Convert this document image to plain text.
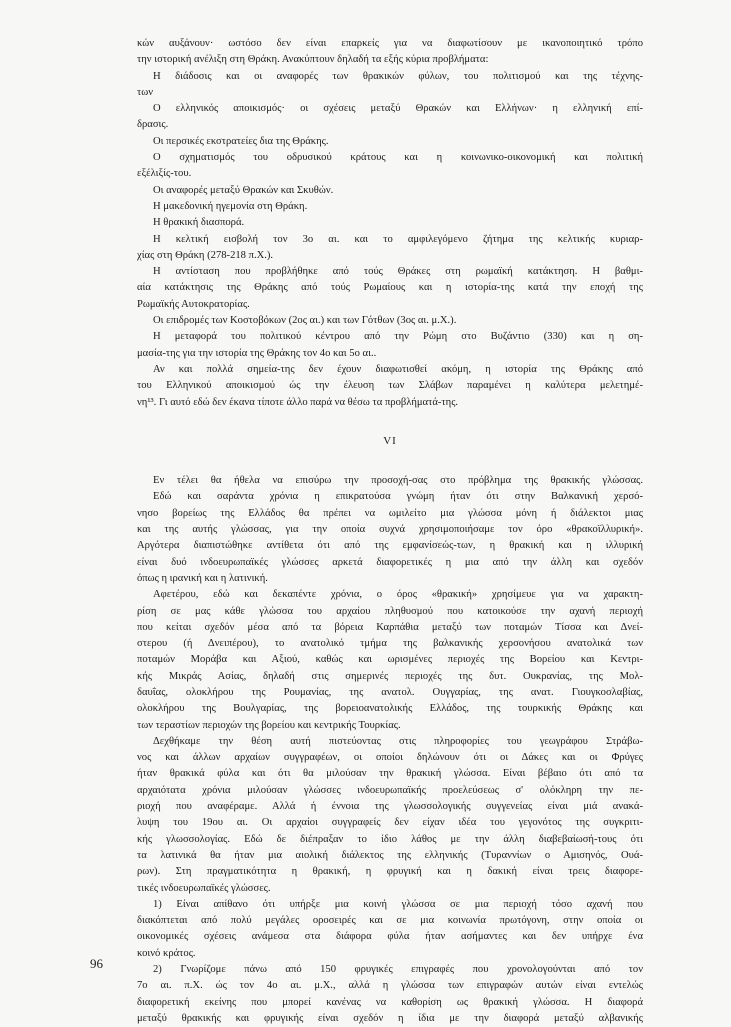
κών αυξάνουν· ωστόσο δεν είναι επαρκείς για να διαφωτίσουν με ικανοποιητικό τρόπο
την ιστορική ανέλιξη στη Θράκη. Ανακύπτουν δηλαδή τα εξής κύρια προβλήματα:
Η διάδοσις και οι αναφορές των θρακικών φύλων, του πολιτισμού και της τέχνης-
των
Ο ελληνικός αποικισμός· οι σχέσεις μεταξύ Θρακών και Ελλήνων· η ελληνική επί-
δρασις.
Οι περσικές εκστρατείες δια της Θράκης.
Ο σχηματισμός του οδρυσικού κράτους και η κοινωνικο-οικονομική και πολιτική
εξέλιξίς-του.
Οι αναφορές μεταξύ Θρακών και Σκυθών.
Η μακεδονική ηγεμονία στη Θράκη.
Η θρακική διασπορά.
Η κελτική εισβολή τον 3ο αι. και το αμφιλεγόμενο ζήτημα της κελτικής κυριαρ-
χίας στη Θράκη (278-218 π.Χ.).
Η αντίσταση που προβλήθηκε από τούς Θράκες στη ρωμαϊκή κατάκτηση. Η βαθμι-
αία κατάκτησις της Θράκης από τούς Ρωμαίους και η ιστορία-της κατά την εποχή της
Ρωμαϊκής Αυτοκρατορίας.
Οι επιδρομές των Κοστοβόκων (2ος αι.) και των Γότθων (3ος αι. μ.Χ.).
Η μεταφορά του πολιτικού κέντρου από την Ρώμη στο Βυζάντιο (330) και η ση-
μασία-της για την ιστορία της Θράκης τον 4ο και 5ο αι..
Αν και πολλά σημεία-της δεν έχουν διαφωτισθεί ακόμη, η ιστορία της Θράκης από
του Ελληνικού αποικισμού ώς την έλευση των Σλάβων παραμένει η καλύτερα μελετημέ-
νη¹³. Γι αυτό εδώ δεν έκανα τίποτε άλλο παρά να θέσω τα προβλήματά-της.
VI
Εν τέλει θα ήθελα να επισύρω την προσοχή-σας στο πρόβλημα της θρακικής γλώσσας.
Εδώ και σαράντα χρόνια η επικρατούσα γνώμη ήταν ότι στην Βαλκανική χερσό-
νησο βορείως της Ελλάδος θα πρέπει να ωμιλείτο μια γλώσσα μόνη ή διάλεκτοι μιας
και της αυτής γλώσσας, για την οποία συχνά χρησιμοποιήσαμε τον όρο «θρακοϊλλυρική».
Αργότερα διαπιστώθηκε αντίθετα ότι από της εμφανίσεώς-των, η θρακική και η ιλλυρική
είναι δυό ινδοευρωπαϊκές γλώσσες αρκετά διαφορετικές η μια από την άλλη και σχεδόν
όπως η ιρανική και η λατινική.
Αφετέρου, εδώ και δεκαπέντε χρόνια, ο όρος «θρακική» χρησίμευε για να χαρακτη-
ρίση σε μας κάθε γλώσσα του αρχαίου πληθυσμού που κατοικούσε την αχανή περιοχή
που κείται σχεδόν μέσα από τα βόρεια Καρπάθια μεταξύ των ποταμών Τίσσα και Δνεί-
στερου (ή Δνειπέρου), το ανατολικό τμήμα της βαλκανικής χερσονήσου ανατολικά των
ποταμών Μοράβα και Αξιού, καθώς και ωρισμένες περιοχές της Βορείου και Κεντρι-
κής Μικράς Ασίας, δηλαδή στις σημερινές περιοχές της δυτ. Ουκρανίας, της Μολ-
δαυΐας, ολοκλήρου της Ρουμανίας, της ανατολ. Ουγγαρίας, της ανατ. Γιουγκοσλαβίας,
ολοκλήρου της Βουλγαρίας, της βορειοανατολικής Ελλάδος, της τουρκικής Θράκης και
των τεραστίων περιοχών της βορείου και κεντρικής Τουρκίας.
Δεχθήκαμε την θέση αυτή πιστεύοντας στις πληροφορίες του γεωγράφου Στράβω-
νος και άλλων αρχαίων συγγραφέων, οι οποίοι δηλώνουν ότι οι Δάκες και οι Φρύγες
ήταν θρακικά φύλα και ότι θα μιλούσαν την θρακική γλώσσα. Είναι βέβαιο ότι από τα
αρχαιότατα χρόνια μιλούσαν γλώσσες ινδοευρωπαϊκής προελεύσεως σ' ολόκληρη την πε-
ριοχή που αναφέραμε. Αλλά ή έννοια της γλωσσολογικής συγγενείας είναι μιά ανακά-
λυψη του 19ου αι. Οι αρχαίοι συγγραφείς δεν είχαν ιδέα του γεγονότος της συγκριτι-
κής γλωσσολογίας. Εδώ δε διέπραξαν το ίδιο λάθος με την άλλη διαβεβαίωσή-τους ότι
τα λατινικά θα ήταν μια αιολική διάλεκτος της ελληνικής (Τυραννίων ο Αμισηνός, Ουά-
ρων). Στη πραγματικότητα η θρακική, η φρυγική και η δακική είναι τρεις διαφορε-
τικές ινδοευρωπαϊκές γλώσσες.
1) Είναι απίθανο ότι υπήρξε μια κοινή γλώσσα σε μια περιοχή τόσο αχανή που
διακόπτεται από πολύ μεγάλες οροσειρές και σε μια κοινωνία πρωτόγονη, στην οποία οι
οικονομικές σχέσεις ανάμεσα στα διάφορα φύλα ήταν ασήμαντες και δεν υπήρχε ένα
κοινό κράτος.
2) Γνωρίζομε πάνω από 150 φρυγικές επιγραφές που χρονολογούνται από τον
7ο αι. π.Χ. ώς τον 4ο αι. μ.Χ., αλλά η γλώσσα των επιγραφών αυτών είναι εντελώς
διαφορετική εκείνης που μπορεί κανένας να καθορίση ως θρακική γλώσσα. Η διαφορά
μεταξύ θρακικής και φρυγικής είναι σχεδόν η ίδια με την διαφορά μεταξύ αλβανικής
96
